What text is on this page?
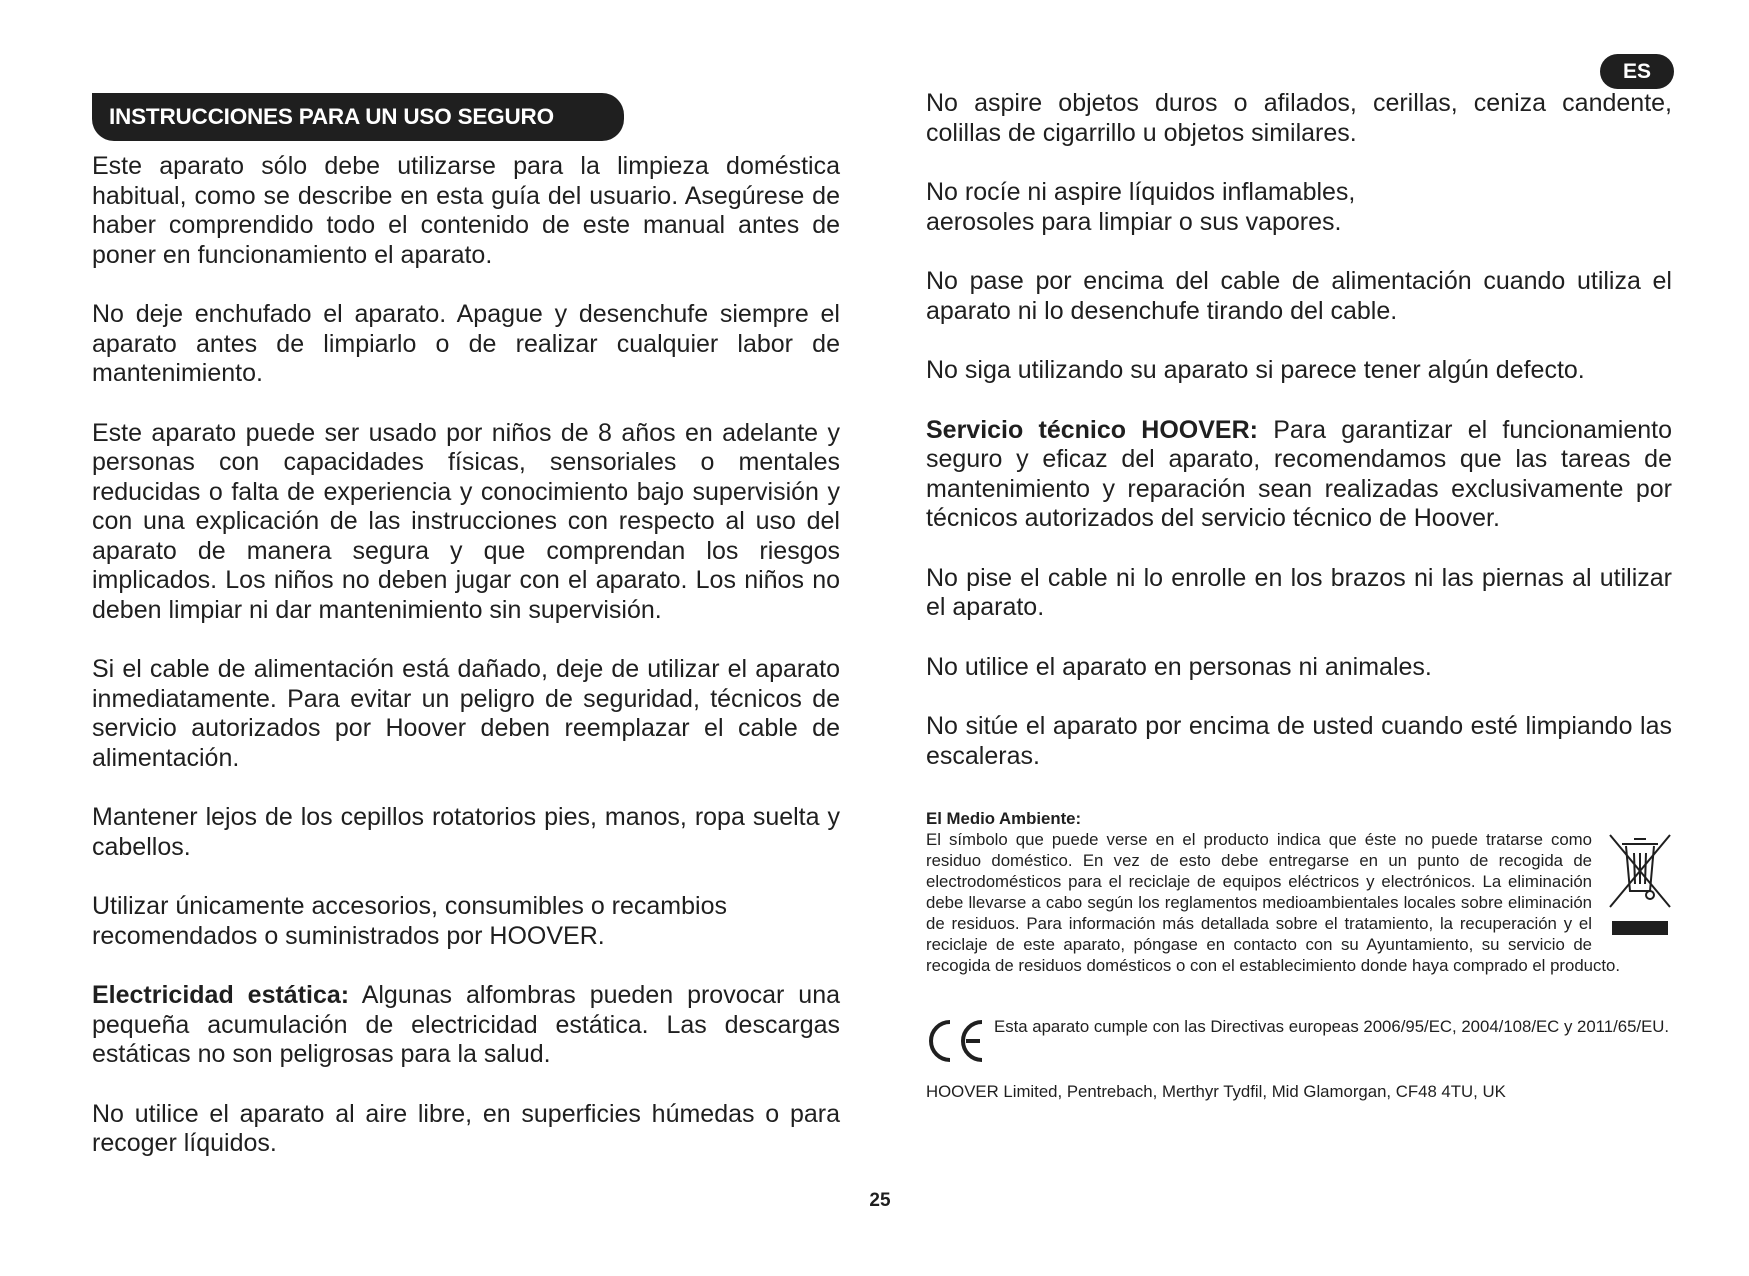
ES
INSTRUCCIONES PARA UN USO SEGURO

Este aparato sólo debe utilizarse para la limpieza doméstica habitual, como se describe en esta guía del usuario. Asegúrese de haber comprendido todo el contenido de este manual antes de poner en funcionamiento el aparato.

No deje enchufado el aparato. Apague y desenchufe siempre el aparato antes de limpiarlo o de realizar cualquier labor de mantenimiento.

Este aparato puede ser usado por niños de 8 años en adelante y personas con capacidades físicas, sensoriales o mentales reducidas o falta de experiencia y conocimiento bajo supervisión y con una explicación de las instrucciones con respecto al uso del aparato de manera segura y que comprendan los riesgos implicados. Los niños no deben jugar con el aparato. Los niños no deben limpiar ni dar mantenimiento sin supervisión.

Si el cable de alimentación está dañado, deje de utilizar el aparato inmediatamente. Para evitar un peligro de seguridad, técnicos de servicio autorizados por Hoover deben reemplazar el cable de alimentación.

Mantener lejos de los cepillos rotatorios pies, manos, ropa suelta y cabellos.

Utilizar únicamente accesorios, consumibles o recambios
recomendados o suministrados por HOOVER.

Electricidad estática: Algunas alfombras pueden provocar una pequeña acumulación de electricidad estática. Las descargas estáticas no son peligrosas para la salud.

No utilice el aparato al aire libre, en superficies húmedas o para recoger líquidos.

No aspire objetos duros o afilados, cerillas, ceniza candente, colillas de cigarrillo u objetos similares.

No rocíe ni aspire líquidos inflamables,
aerosoles para limpiar o sus vapores.

No pase por encima del cable de alimentación cuando utiliza el aparato ni lo desenchufe tirando del cable.

No siga utilizando su aparato si parece tener algún defecto.

Servicio técnico HOOVER: Para garantizar el funcionamiento seguro y eficaz del aparato, recomendamos que las tareas de mantenimiento y reparación sean realizadas exclusivamente por técnicos autorizados del servicio técnico de Hoover.

No pise el cable ni lo enrolle en los brazos ni las piernas al utilizar el aparato.

No utilice el aparato en personas ni animales.

No sitúe el aparato por encima de usted cuando esté limpiando las escaleras.

El Medio Ambiente:

El símbolo que puede verse en el producto indica que éste no puede tratarse como residuo doméstico. En vez de esto debe entregarse en un punto de recogida de electrodomésticos para el reciclaje de equipos eléctricos y electrónicos. La eliminación debe llevarse a cabo según los reglamentos medioambientales locales sobre eliminación de residuos. Para información más detallada sobre el tratamiento, la recuperación y el reciclaje de este aparato, póngase en contacto con su Ayuntamiento, su servicio de recogida de residuos domésticos o con el establecimiento donde haya comprado el producto.

Esta aparato cumple con las Directivas europeas 2006/95/EC, 2004/108/EC y 2011/65/EU.

HOOVER Limited, Pentrebach, Merthyr Tydfil, Mid Glamorgan, CF48 4TU, UK
25
